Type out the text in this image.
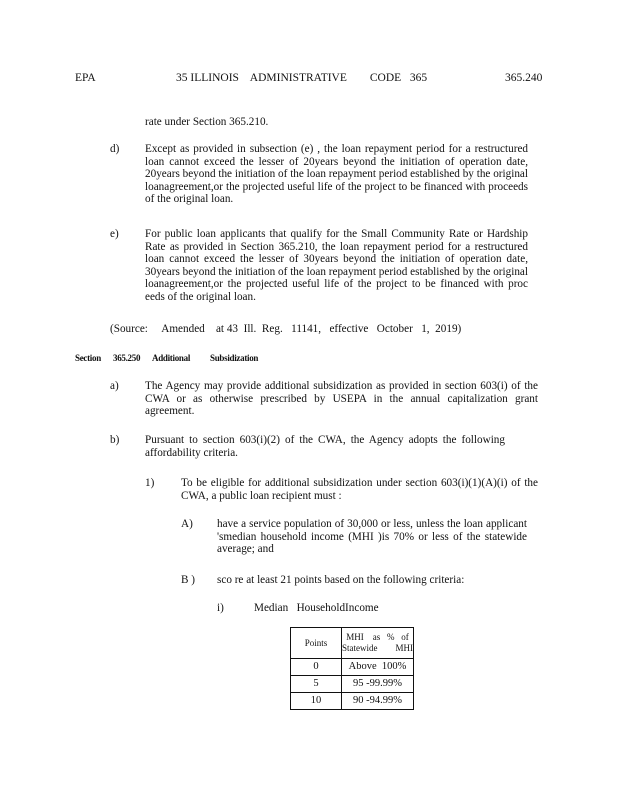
EPA	35 ILLINOIS    ADMINISTRATIVE        CODE   365	365.240
rate under Section 365.210.
d) Except as provided in subsection (e) , the loan repayment period for a restructured loan cannot exceed the lesser of 20years beyond the initiation of operation date, 20years beyond the initiation of the loan repayment period established by the original loanagreement,or the projected useful life of the project to be financed with proceeds of the original loan.
e) For public loan applicants that qualify for the Small Community Rate or Hardship Rate as provided in Section 365.210, the loan repayment period for a restructured loan cannot exceed the lesser of 30years beyond the initiation of operation date, 30years beyond the initiation of the loan repayment period established by the original loanagreement,or the projected useful life of the project to be financed with proc eeds of the original loan.
(Source:     Amended    at 43  Ill.  Reg.   11141,   effective   October   1,  2019)
Section 365.250 Additional Subsidization
a) The Agency may provide additional subsidization as provided in section 603(i) of the CWA or as otherwise prescribed by USEPA in the annual capitalization grant agreement.
b) Pursuant to section 603(i)(2) of the CWA, the Agency adopts the following affordability criteria.
1) To be eligible for additional subsidization under section 603(i)(1)(A)(i) of the CWA, a public loan recipient must :
A) have a service population of 30,000 or less, unless the loan applicant 'smedian household income (MHI )is 70% or less of the statewide average; and
B ) sco re at least 21 points based on the following criteria:
i)	Median   HouseholdIncome
Points	MHI    as   %   of
Statewide        MHI

0	Above  100%
5	95 -99.99%
10	90 -94.99%
